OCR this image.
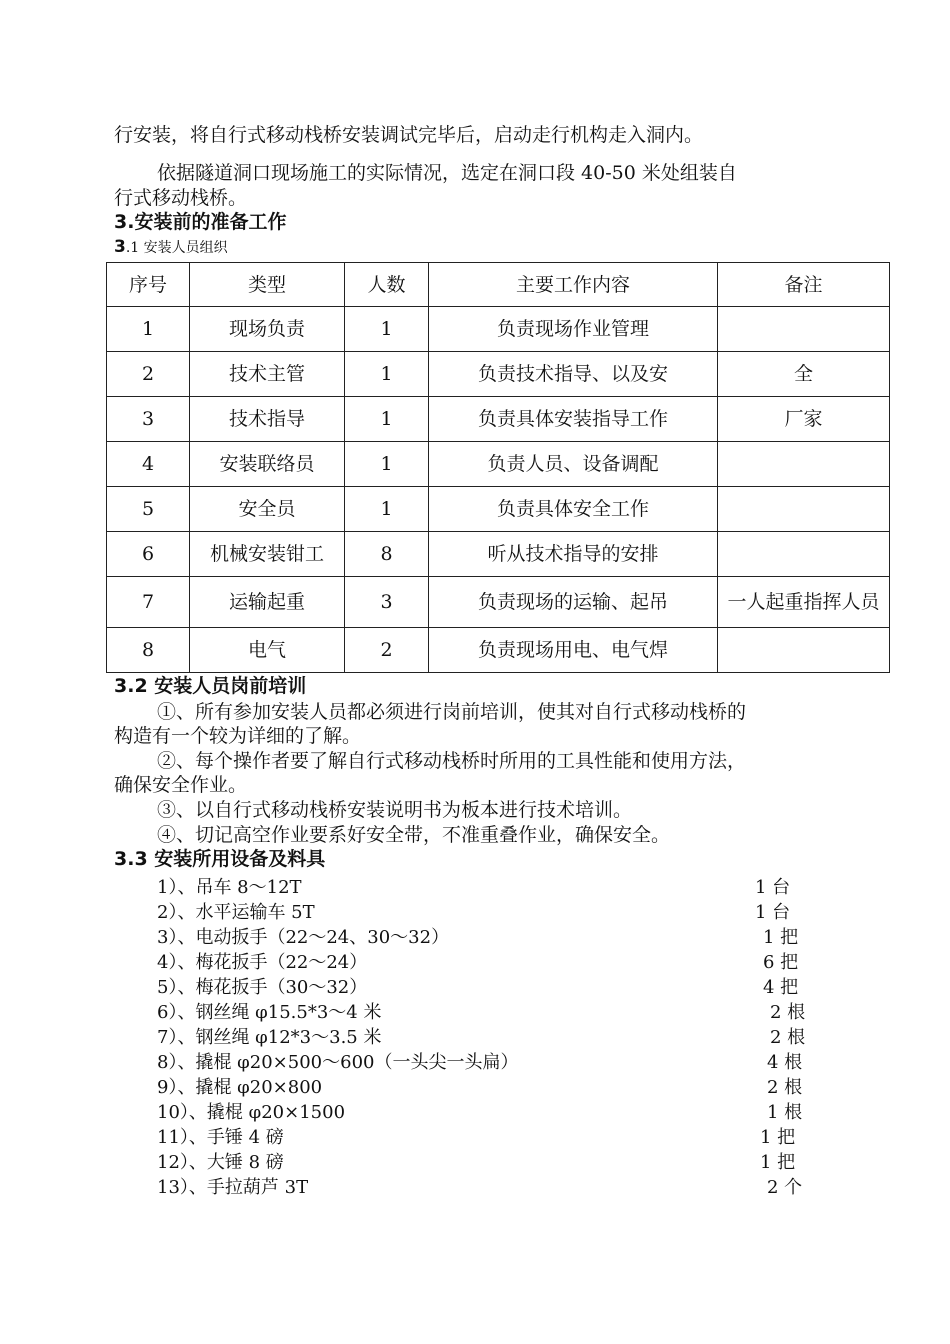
行安装，将自行式移动栈桥安装调试完毕后，启动走行机构走入洞内。
依据隧道洞口现场施工的实际情况，选定在洞口段 40-50 米处组装自
行式移动栈桥。
3.安装前的准备工作
3.1 安装人员组织
序号	类型	人数	主要工作内容	备注
1	现场负责	1	负责现场作业管理	
2	技术主管	1	负责技术指导、以及安	全
3	技术指导	1	负责具体安装指导工作	厂家
4	安装联络员	1	负责人员、设备调配	
5	安全员	1	负责具体安全工作	
6	机械安装钳工	8	听从技术指导的安排	
7	运输起重	3	负责现场的运输、起吊	一人起重指挥人员
8	电气	2	负责现场用电、电气焊	
3.2 安装人员岗前培训
①、所有参加安装人员都必须进行岗前培训，使其对自行式移动栈桥的
构造有一个较为详细的了解。
②、每个操作者要了解自行式移动栈桥时所用的工具性能和使用方法，
确保安全作业。
③、以自行式移动栈桥安装说明书为板本进行技术培训。
④、切记高空作业要系好安全带，不准重叠作业，确保安全。
3.3 安装所用设备及料具
1）、吊车 8～12T	1 台
2）、水平运输车 5T	1 台
3）、电动扳手（22～24、30～32）	1 把
4）、梅花扳手（22～24）	6 把
5）、梅花扳手（30～32）	4 把
6）、钢丝绳 φ15.5*3～4 米	2 根
7）、钢丝绳 φ12*3～3.5 米	2 根
8）、撬棍 φ20×500～600（一头尖一头扁）	4 根
9）、撬棍 φ20×800	2 根
10）、撬棍 φ20×1500	1 根
11）、手锤 4 磅	1 把
12）、大锤 8 磅	1 把
13）、手拉葫芦 3T	2 个
